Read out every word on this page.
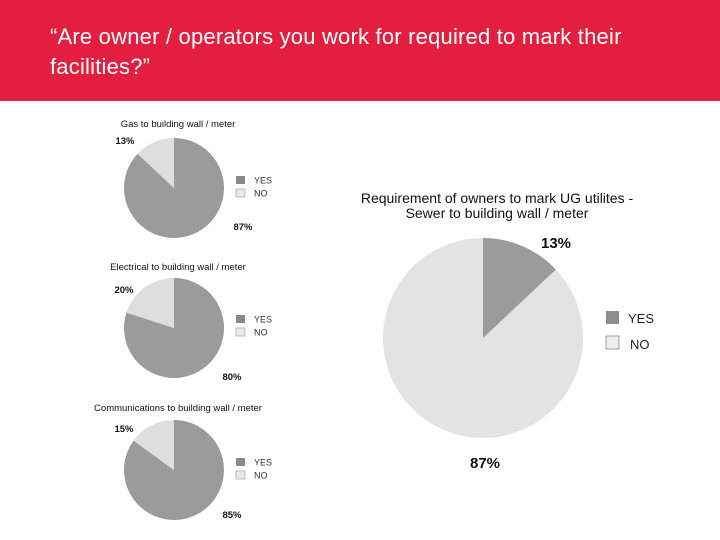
“Are owner / operators you work for required to mark their facilities?”
Gas to building wall / meter
87%
13%
YES
NO
Electrical to building wall / meter
80%
20%
YES
NO
Communications to building wall / meter
85%
15%
YES
NO
Requirement of owners to mark UG utilites -
Sewer to building wall / meter
13%
87%
YES
NO
